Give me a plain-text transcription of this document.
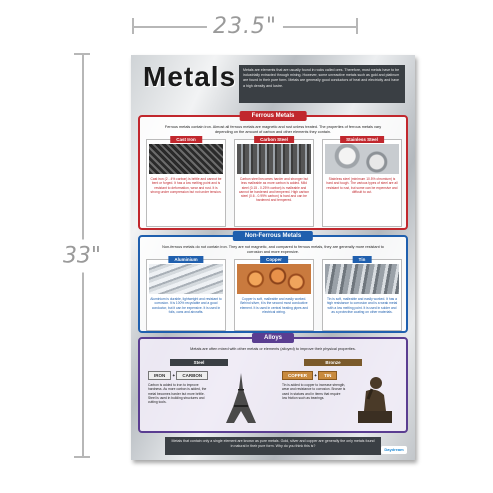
23.5"
33"
Metals	Metals are elements that are usually found in rocks called ores. Therefore, most metals have to be industrially extracted through mining. However, some unreactive metals such as gold and platinum are found in their pure form. Metals are generally good conductors of heat and electricity and have a high density and lustre.
Ferrous Metals
Ferrous metals contain iron. Almost all ferrous metals are magnetic and rust unless treated. The properties of ferrous metals vary depending on the amount of carbon and other elements they contain.
Cast Iron
Cast iron (2 - 4% carbon) is brittle and cannot be bent or forged. It has a low melting point and is resistant to deformation, wear and rust. It is strong under compression but not under tension.
Carbon Steel
Carbon steel becomes harder and stronger but less malleable as more carbon is added. Mild steel (0.15 - 0.25% carbon) is malleable and cannot be hardened and tempered. High carbon steel (0.6 - 0.99% carbon) is hard and can be hardened and tempered.
Stainless Steel
Stainless steel (minimum 10.5% chromium) is hard and tough. The various types of steel are all resistant to rust, but some can be expensive and difficult to cut.
Non-Ferrous Metals
Non-ferrous metals do not contain iron. They are not magnetic, and compared to ferrous metals, they are generally more resistant to corrosion and more expensive.
Aluminium
Aluminium is durable, lightweight and resistant to corrosion. It is 100% recyclable and a good conductor, but it can be expensive. It is used in foils, cans and aircrafts.
Copper
Copper is soft, malleable and easily worked. Behind silver, it is the second most conductive element. It is used in central heating pipes and electrical wiring.
Tin
Tin is soft, malleable and easily worked. It has a high resistance to corrosion and is a weak metal with a low melting point. It is used in solder and as a protective coating on other materials.
Alloys
Metals are often mixed with other metals or elements (alloyed) to improve their physical properties.
Steel
IRON + CARBON
Carbon is added to iron to improve hardness. As more carbon is added, the metal becomes harder but more brittle. Steel is used in building structures and cutting tools.
Bronze
COPPER + TIN
Tin is added to copper to increase strength, wear and resistance to corrosion. Bronze is used in statues and in items that require low friction such as bearings.
Metals that contain only a single element are known as pure metals. Gold, silver and copper are generally the only metals found in natural in their pure form. Why do you think this is?
Daydream
